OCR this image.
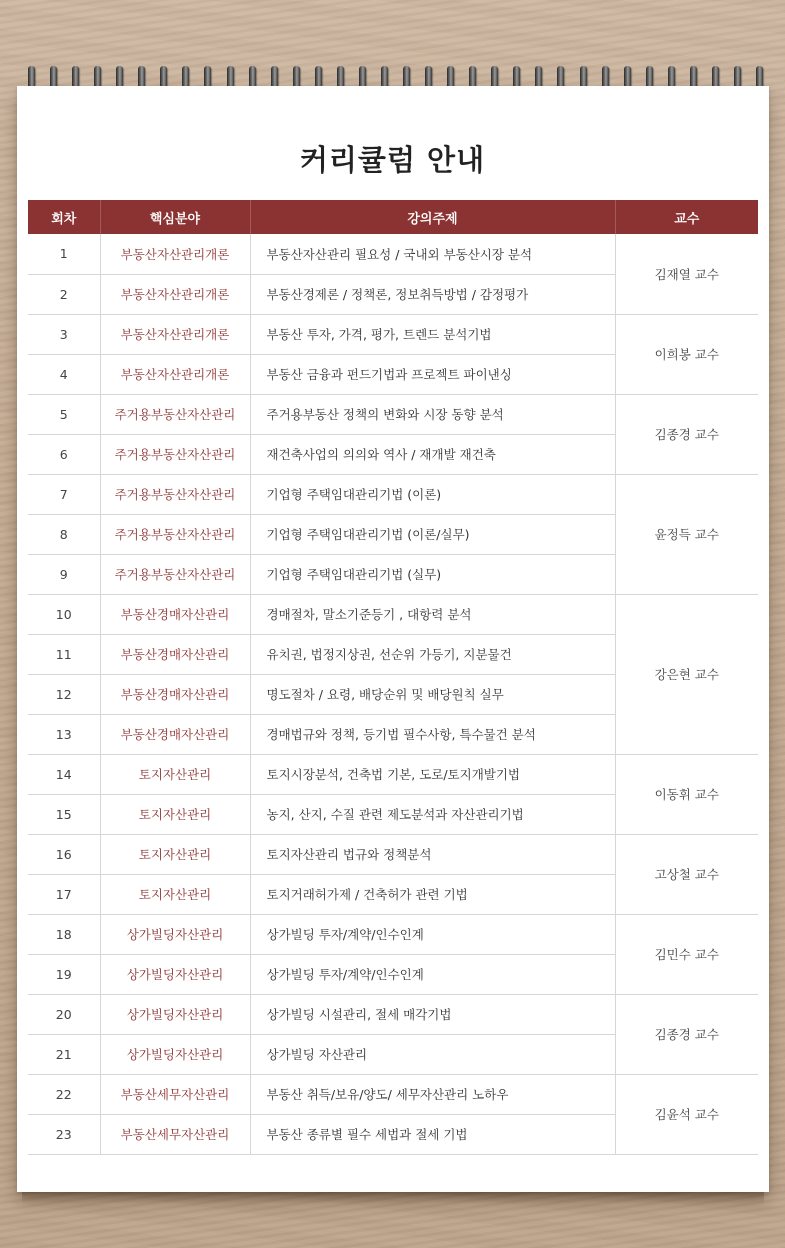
커리큘럼 안내
회차	핵심분야	강의주제	교수
1	부동산자산관리개론	부동산자산관리 필요성 / 국내외 부동산시장 분석	김재열 교수
2	부동산자산관리개론	부동산경제론 / 정책론, 정보취득방법 / 감정평가	
3	부동산자산관리개론	부동산 투자, 가격, 평가, 트렌드 분석기법	이희봉 교수
4	부동산자산관리개론	부동산 금융과 펀드기법과 프로젝트 파이낸싱	
5	주거용부동산자산관리	주거용부동산 정책의 변화와 시장 동향 분석	김종경 교수
6	주거용부동산자산관리	재건축사업의 의의와 역사 / 재개발 재건축	
7	주거용부동산자산관리	기업형 주택임대관리기법 (이론)	윤정득 교수
8	주거용부동산자산관리	기업형 주택임대관리기법 (이론/실무)	
9	주거용부동산자산관리	기업형 주택임대관리기법 (실무)	
10	부동산경매자산관리	경매절차, 말소기준등기 , 대항력 분석	강은현 교수
11	부동산경매자산관리	유치권, 법정지상권, 선순위 가등기, 지분물건	
12	부동산경매자산관리	명도절차 / 요령, 배당순위 및 배당원칙 실무	
13	부동산경매자산관리	경매법규와 정책, 등기법 필수사항, 특수물건 분석	
14	토지자산관리	토지시장분석, 건축법 기본, 도로/토지개발기법	이동휘 교수
15	토지자산관리	농지, 산지, 수질 관련 제도분석과 자산관리기법	
16	토지자산관리	토지자산관리 법규와 정책분석	고상철 교수
17	토지자산관리	토지거래허가제 / 건축허가 관련 기법	
18	상가빌딩자산관리	상가빌딩 투자/계약/인수인계	김민수 교수
19	상가빌딩자산관리	상가빌딩 투자/계약/인수인계	
20	상가빌딩자산관리	상가빌딩 시설관리, 절세 매각기법	김종경 교수
21	상가빌딩자산관리	상가빌딩 자산관리	
22	부동산세무자산관리	부동산 취득/보유/양도/ 세무자산관리 노하우	김윤석 교수
23	부동산세무자산관리	부동산 종류별 필수 세법과 절세 기법	
